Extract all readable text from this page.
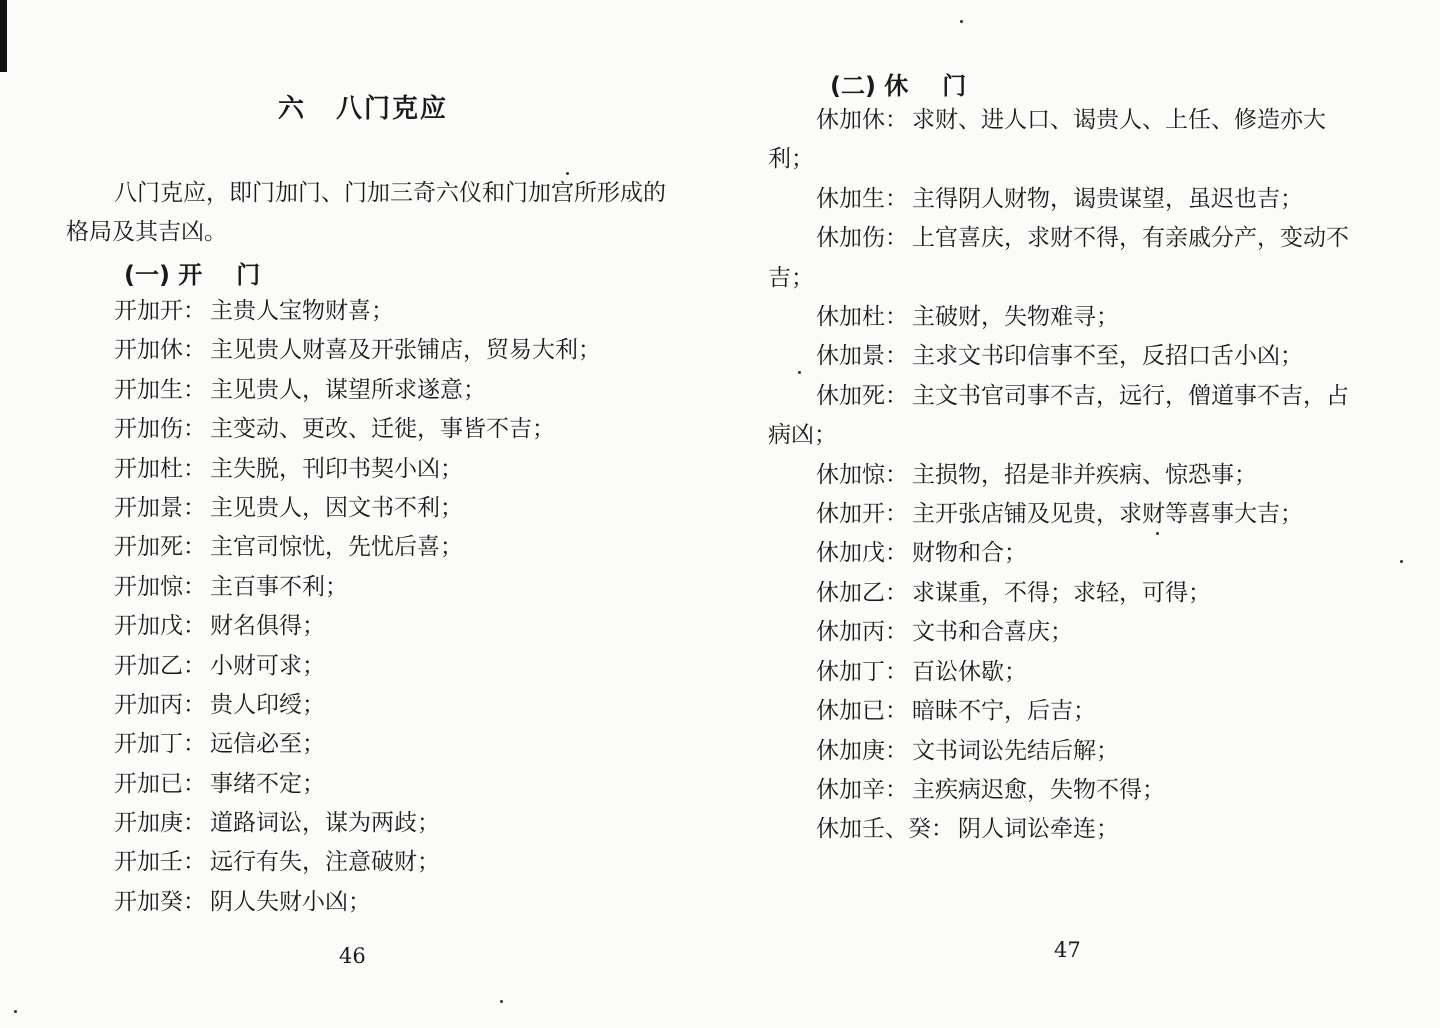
六 八门克应

八门克应，即门加门、门加三奇六仪和门加宫所形成的格局及其吉凶。

(一) 开 门
开加开： 主贵人宝物财喜；
开加休： 主见贵人财喜及开张铺店，贸易大利；
开加生： 主见贵人，谋望所求遂意；
开加伤： 主变动、更改、迁徙，事皆不吉；
开加杜： 主失脱，刊印书契小凶；
开加景： 主见贵人，因文书不利；
开加死： 主官司惊忧，先忧后喜；
开加惊： 主百事不利；
开加戊： 财名俱得；
开加乙： 小财可求；
开加丙： 贵人印绶；
开加丁： 远信必至；
开加已： 事绪不定；
开加庚： 道路词讼，谋为两歧；
开加壬： 远行有失，注意破财；
开加癸： 阴人失财小凶；
46
(二) 休 门
休加休： 求财、进人口、谒贵人、上任、修造亦大利；
休加生： 主得阴人财物，谒贵谋望，虽迟也吉；
休加伤： 上官喜庆，求财不得，有亲戚分产，变动不吉；
休加杜： 主破财，失物难寻；
休加景： 主求文书印信事不至，反招口舌小凶；
休加死： 主文书官司事不吉，远行，僧道事不吉，占病凶；
休加惊： 主损物，招是非并疾病、惊恐事；
休加开： 主开张店铺及见贵，求财等喜事大吉；
休加戊： 财物和合；
休加乙： 求谋重，不得；求轻，可得；
休加丙： 文书和合喜庆；
休加丁： 百讼休歇；
休加已： 暗昧不宁，后吉；
休加庚： 文书词讼先结后解；
休加辛： 主疾病迟愈，失物不得；
休加壬、癸： 阴人词讼牵连；
47
